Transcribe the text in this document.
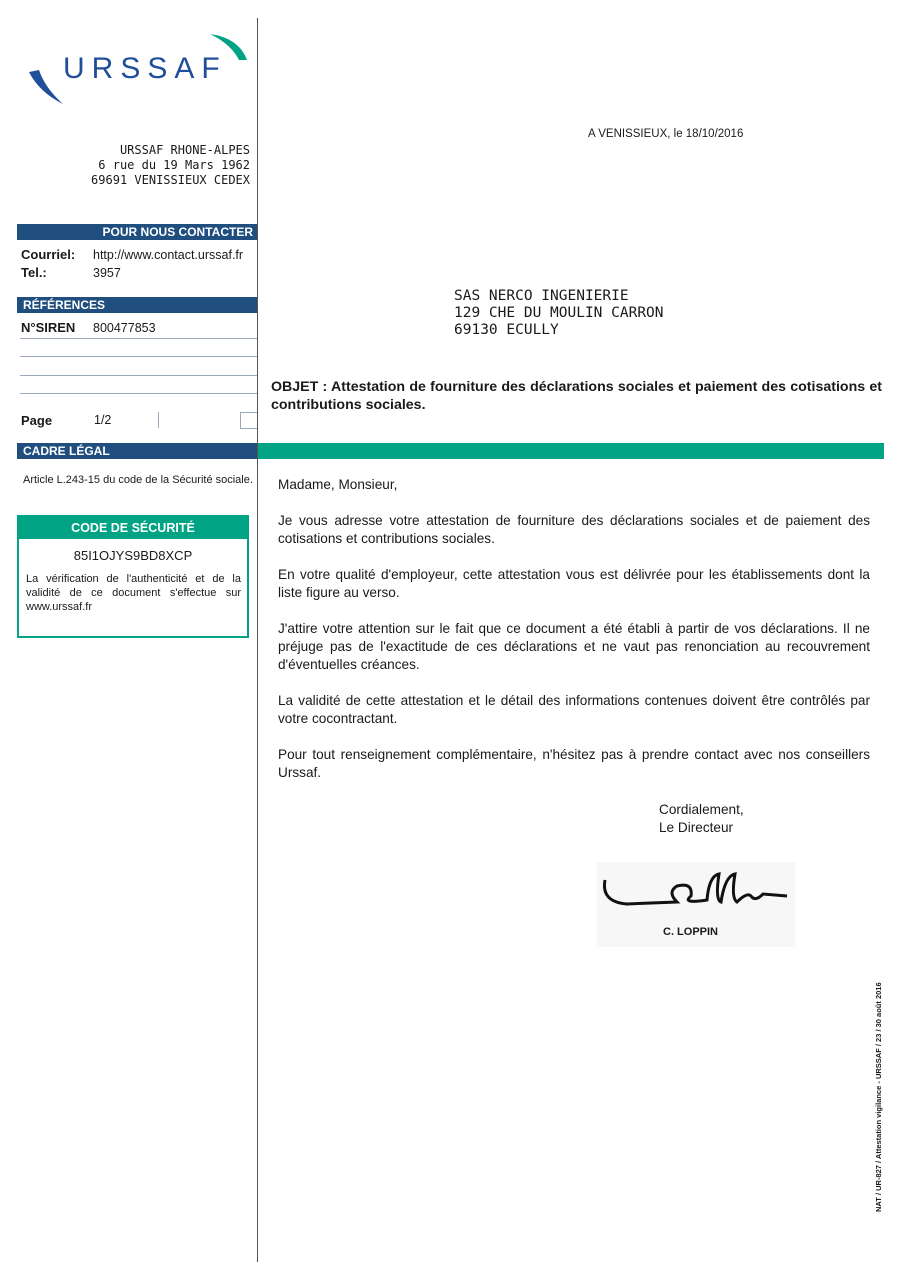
URSSAF
URSSAF RHONE-ALPES
6 rue du 19 Mars 1962
69691 VENISSIEUX CEDEX
A VENISSIEUX, le 18/10/2016
POUR NOUS CONTACTER
Courriel: http://www.contact.urssaf.fr
Tel.:	3957
RÉFÉRENCES
N°SIREN 800477853
Page	1/2
CADRE LÉGAL
Article L.243-15 du code de la Sécurité sociale.
CODE DE SÉCURITÉ
85I1OJYS9BD8XCP
La vérification de l'authenticité et de la validité de ce document s'effectue sur www.urssaf.fr
SAS NERCO INGENIERIE
129 CHE DU MOULIN CARRON
69130 ECULLY
OBJET : Attestation de fourniture des déclarations sociales et paiement des cotisations et contributions sociales.

Madame, Monsieur,

Je vous adresse votre attestation de fourniture des déclarations sociales et de paiement des cotisations et contributions sociales.

En votre qualité d'employeur, cette attestation vous est délivrée pour les établissements dont la liste figure au verso.

J'attire votre attention sur le fait que ce document a été établi à partir de vos déclarations. Il ne préjuge pas de l'exactitude de ces déclarations et ne vaut pas renonciation au recouvrement d'éventuelles créances.

La validité de cette attestation et le détail des informations contenues doivent être contrôlés par votre cocontractant.

Pour tout renseignement complémentaire, n'hésitez pas à prendre contact avec nos conseillers Urssaf.

Cordialement,
Le Directeur
C. LOPPIN
NAT / UR-827 / Attestation vigilance - URSSAF / 23 / 30 août 2016
